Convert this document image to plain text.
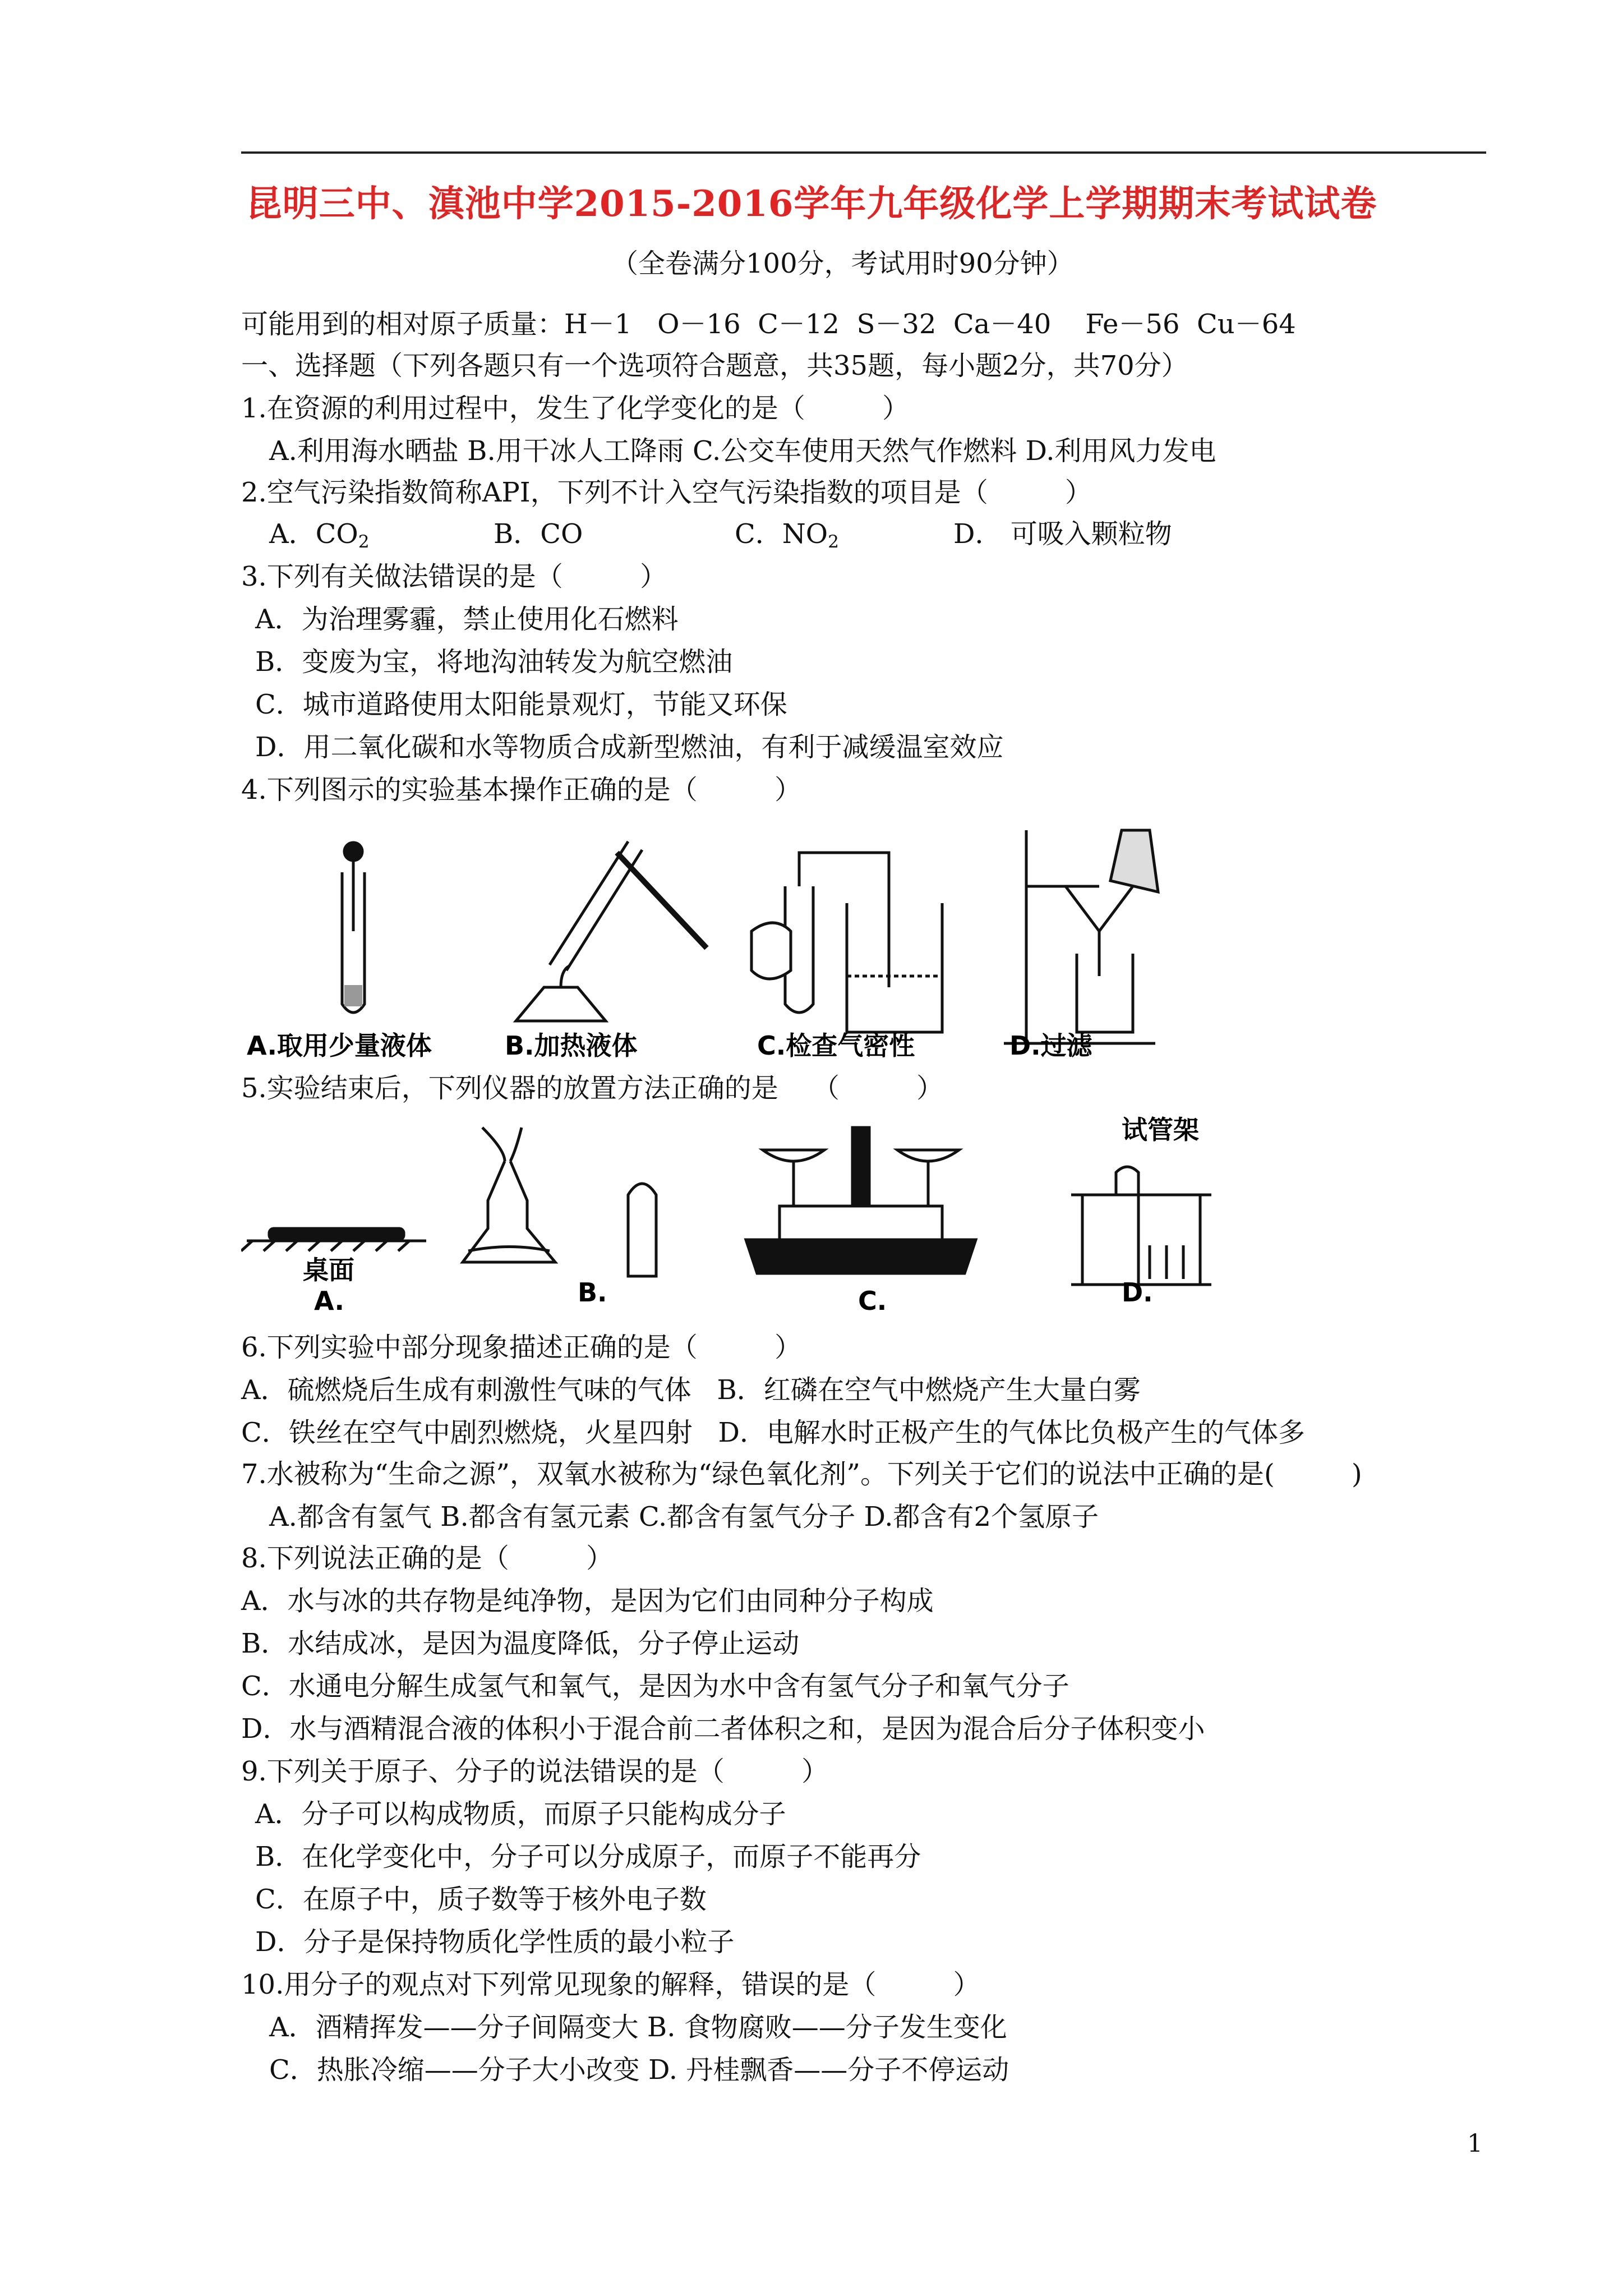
昆明三中、滇池中学2015-2016学年九年级化学上学期期末考试试卷
（全卷满分100分，考试用时90分钟）
可能用到的相对原子质量：H－1   O－16  C－12  S－32  Ca－40    Fe－56  Cu－64
一、选择题（下列各题只有一个选项符合题意，共35题，每小题2分，共70分）
1.在资源的利用过程中，发生了化学变化的是（         ）
A.利用海水晒盐 B.用干冰人工降雨 C.公交车使用天然气作燃料 D.利用风力发电
2.空气污染指数简称API，下列不计入空气污染指数的项目是（         ）
A．$CO_2$	B．CO	C．$NO_2$	D． 可吸入颗粒物
3.下列有关做法错误的是（         ）
A．为治理雾霾，禁止使用化石燃料
B．变废为宝，将地沟油转发为航空燃油
C．城市道路使用太阳能景观灯，节能又环保
D．用二氧化碳和水等物质合成新型燃油，有利于减缓温室效应
4.下列图示的实验基本操作正确的是（         ）
A.取用少量液体	B.加热液体	C.检查气密性	D.过滤
5.实验结束后，下列仪器的放置方法正确的是    （         ）
桌面
A.	B.	C.	D.
试管架
6.下列实验中部分现象描述正确的是（         ）
A．硫燃烧后生成有刺激性气味的气体   B．红磷在空气中燃烧产生大量白雾
C．铁丝在空气中剧烈燃烧，火星四射   D．电解水时正极产生的气体比负极产生的气体多
7.水被称为“生命之源”，双氧水被称为“绿色氧化剂”。下列关于它们的说法中正确的是(         )
A.都含有氢气 B.都含有氢元素 C.都含有氢气分子 D.都含有2个氢原子
8.下列说法正确的是（         ）
A．水与冰的共存物是纯净物，是因为它们由同种分子构成
B．水结成冰，是因为温度降低，分子停止运动
C．水通电分解生成氢气和氧气，是因为水中含有氢气分子和氧气分子
D．水与酒精混合液的体积小于混合前二者体积之和，是因为混合后分子体积变小
9.下列关于原子、分子的说法错误的是（         ）
A．分子可以构成物质，而原子只能构成分子
B．在化学变化中，分子可以分成原子，而原子不能再分
C．在原子中，质子数等于核外电子数
D．分子是保持物质化学性质的最小粒子
10.用分子的观点对下列常见现象的解释，错误的是（         ）
A．酒精挥发——分子间隔变大 B. 食物腐败——分子发生变化
C．热胀冷缩——分子大小改变 D. 丹桂飘香——分子不停运动
1
